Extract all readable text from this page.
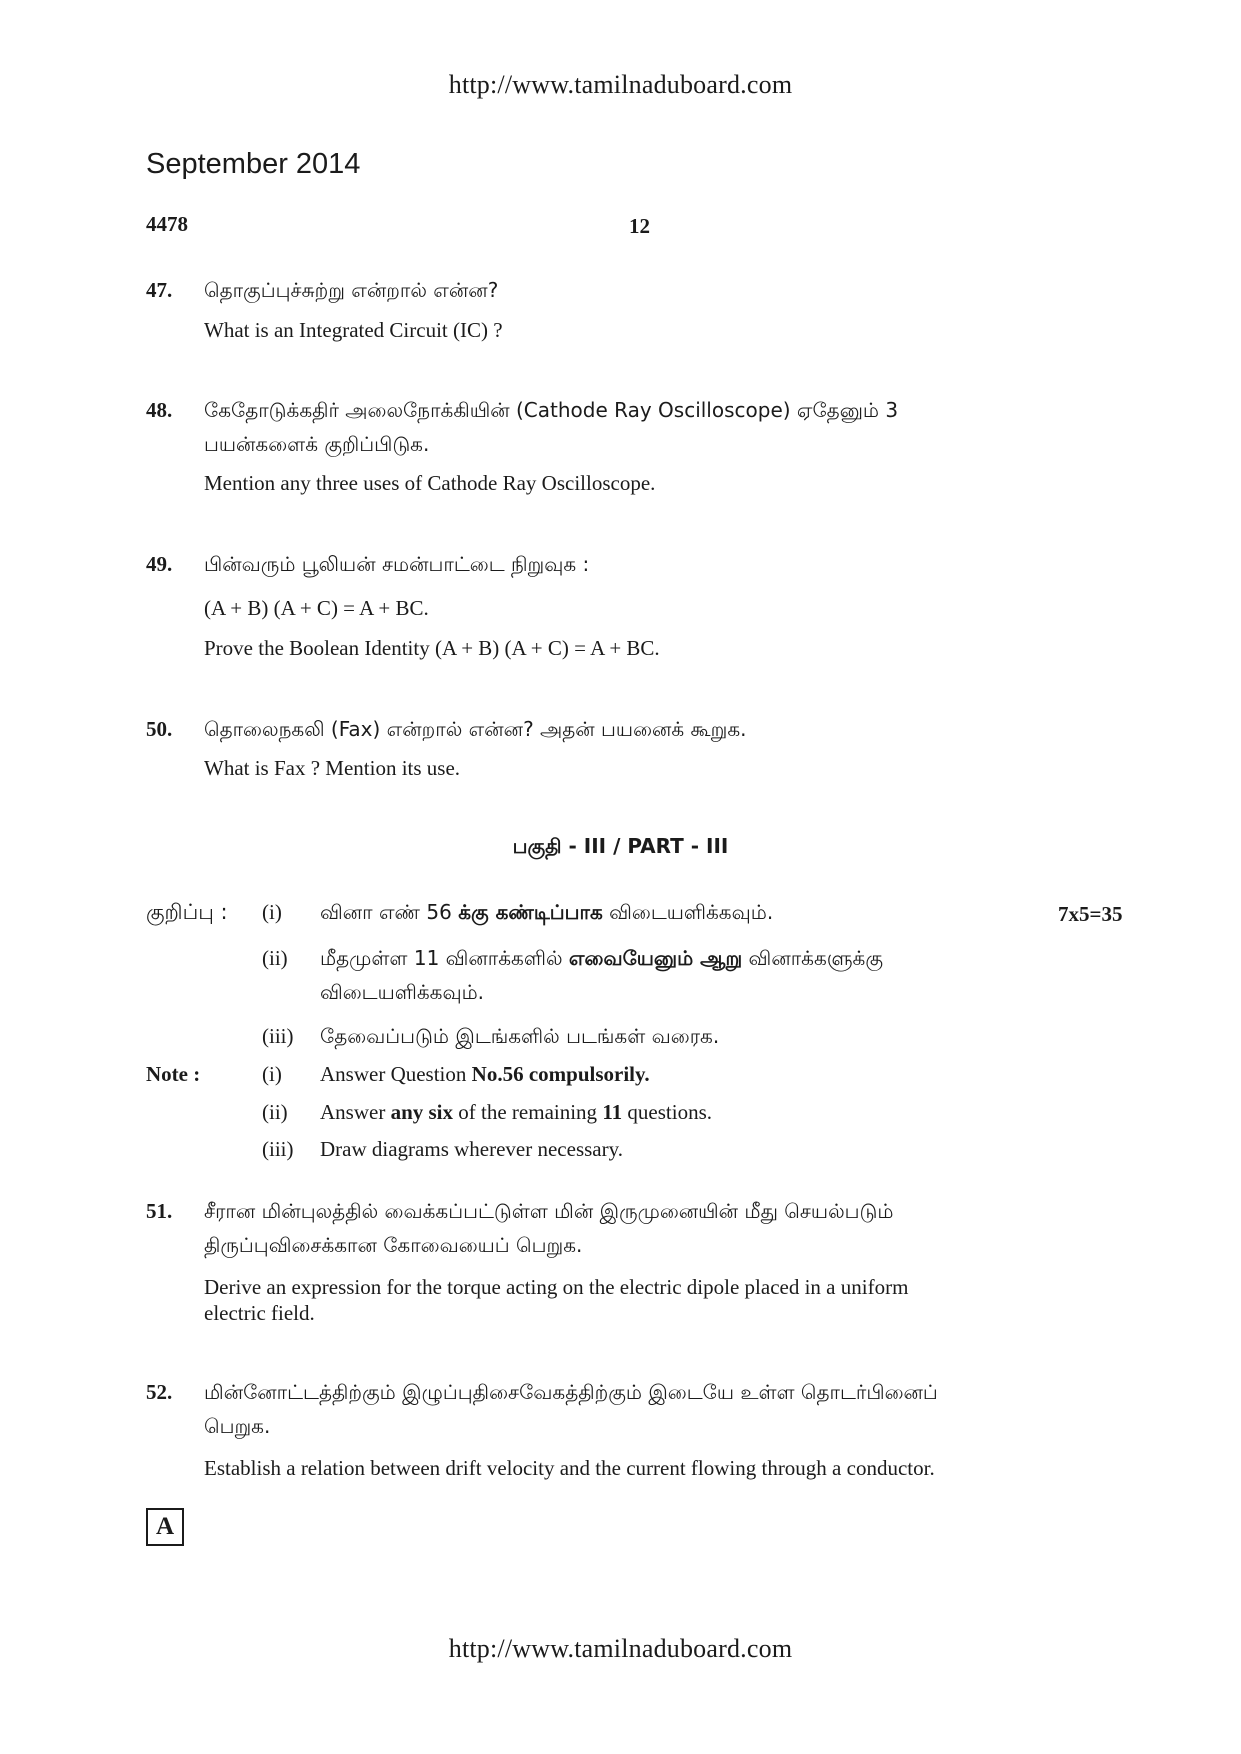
http://www.tamilnaduboard.com
September 2014
4478	12
47. தொகுப்புச்சுற்று என்றால் என்ன?
What is an Integrated Circuit (IC) ?
48. கேதோடுக்கதிர் அலைநோக்கியின் (Cathode Ray Oscilloscope) ஏதேனும் 3
பயன்களைக் குறிப்பிடுக.
Mention any three uses of Cathode Ray Oscilloscope.
49. பின்வரும் பூலியன் சமன்பாட்டை நிறுவுக :
(A + B) (A + C) = A + BC.
Prove the Boolean Identity (A + B) (A + C) = A + BC.
50. தொலைநகலி (Fax) என்றால் என்ன? அதன் பயனைக் கூறுக.
What is Fax ? Mention its use.
பகுதி - III / PART - III
குறிப்பு : (i) வினா எண் 56 க்கு கண்டிப்பாக விடையளிக்கவும்.	7x5=35
(ii) மீதமுள்ள 11 வினாக்களில் எவையேனும் ஆறு வினாக்களுக்கு
விடையளிக்கவும்.
(iii) தேவைப்படும் இடங்களில் படங்கள் வரைக.
Note :	(i) Answer Question No.56 compulsorily.
(ii) Answer any six of the remaining 11 questions.
(iii) Draw diagrams wherever necessary.
51. சீரான மின்புலத்தில் வைக்கப்பட்டுள்ள மின் இருமுனையின் மீது செயல்படும்
திருப்புவிசைக்கான கோவையைப் பெறுக.
Derive an expression for the torque acting on the electric dipole placed in a uniform
electric field.
52. மின்னோட்டத்திற்கும் இழுப்புதிசைவேகத்திற்கும் இடையே உள்ள தொடர்பினைப்
பெறுக.
Establish a relation between drift velocity and the current flowing through a conductor.
A
http://www.tamilnaduboard.com
